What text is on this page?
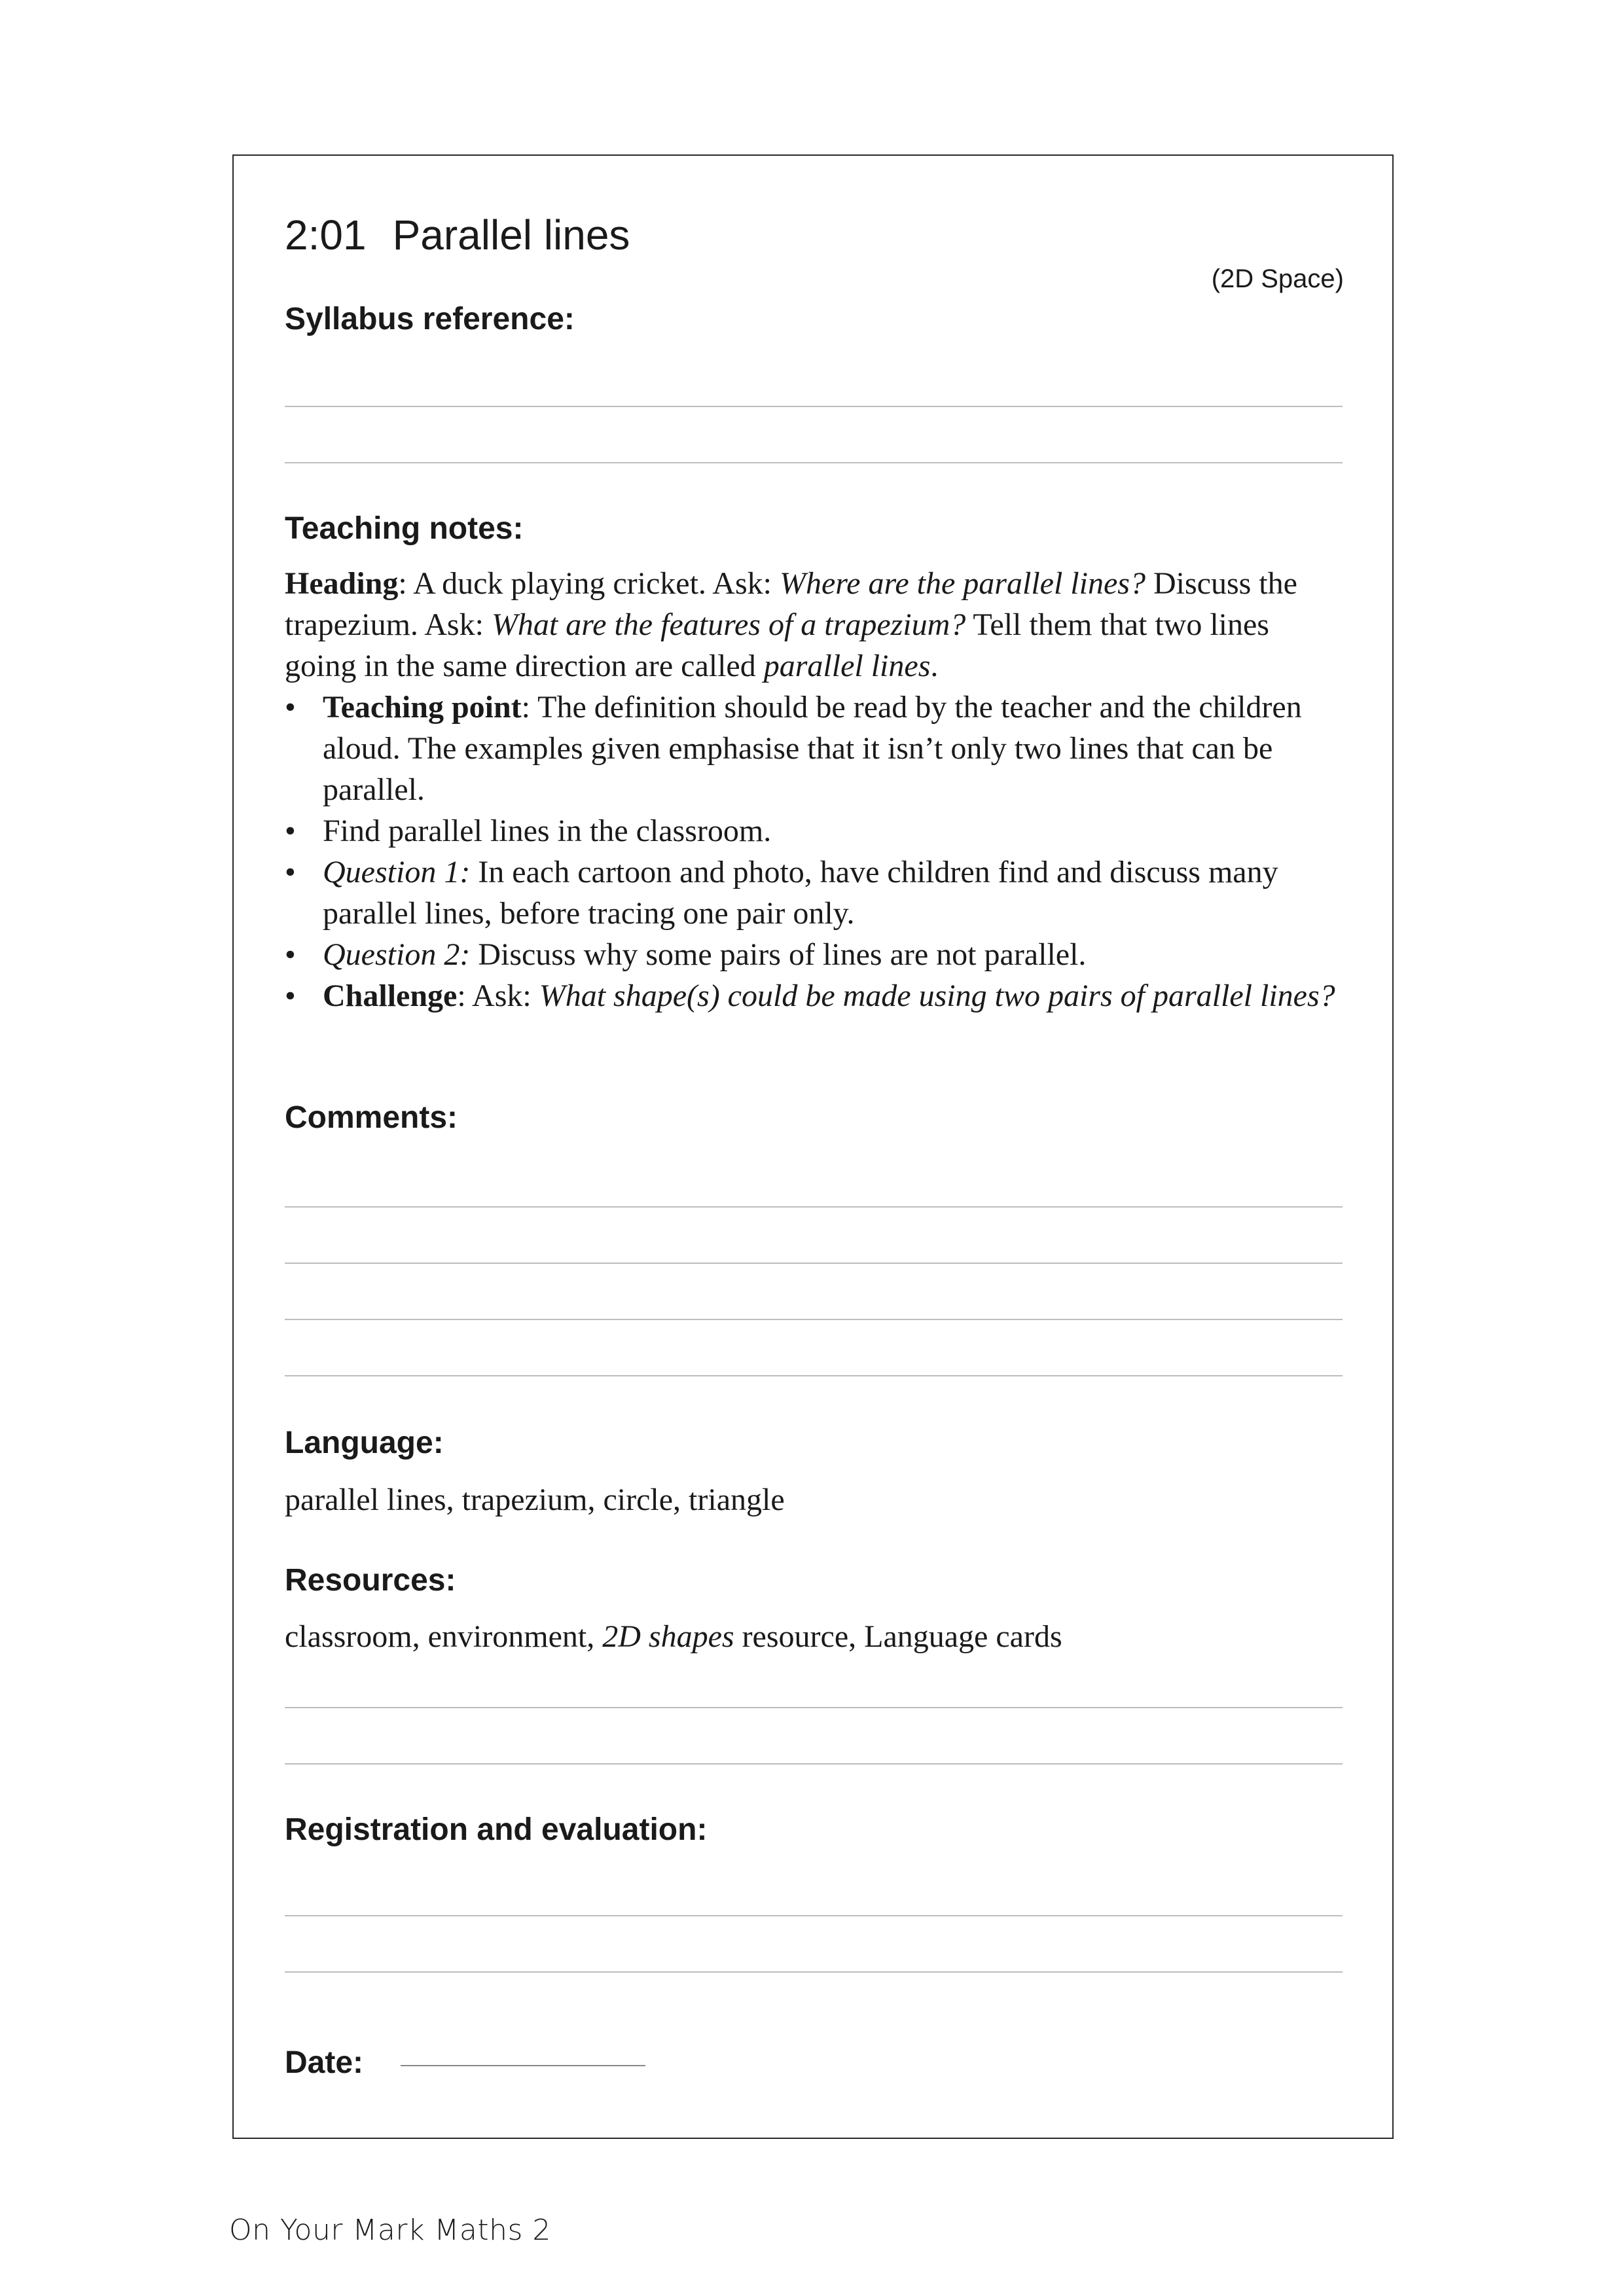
2:01 Parallel lines
(2D Space)
Syllabus reference:
Teaching notes:

Heading: A duck playing cricket. Ask: Where are the parallel lines? Discuss the trapezium. Ask: What are the features of a trapezium? Tell them that two lines going in the same direction are called parallel lines.

• Teaching point: The definition should be read by the teacher and the children aloud. The examples given emphasise that it isn’t only two lines that can be parallel.
• Find parallel lines in the classroom.
• Question 1: In each cartoon and photo, have children find and discuss many parallel lines, before tracing one pair only.
• Question 2: Discuss why some pairs of lines are not parallel.
• Challenge: Ask: What shape(s) could be made using two pairs of parallel lines?
Comments:
Language:
parallel lines, trapezium, circle, triangle
Resources:
classroom, environment, 2D shapes resource, Language cards
Registration and evaluation:
Date:
On Your Mark Maths 2
